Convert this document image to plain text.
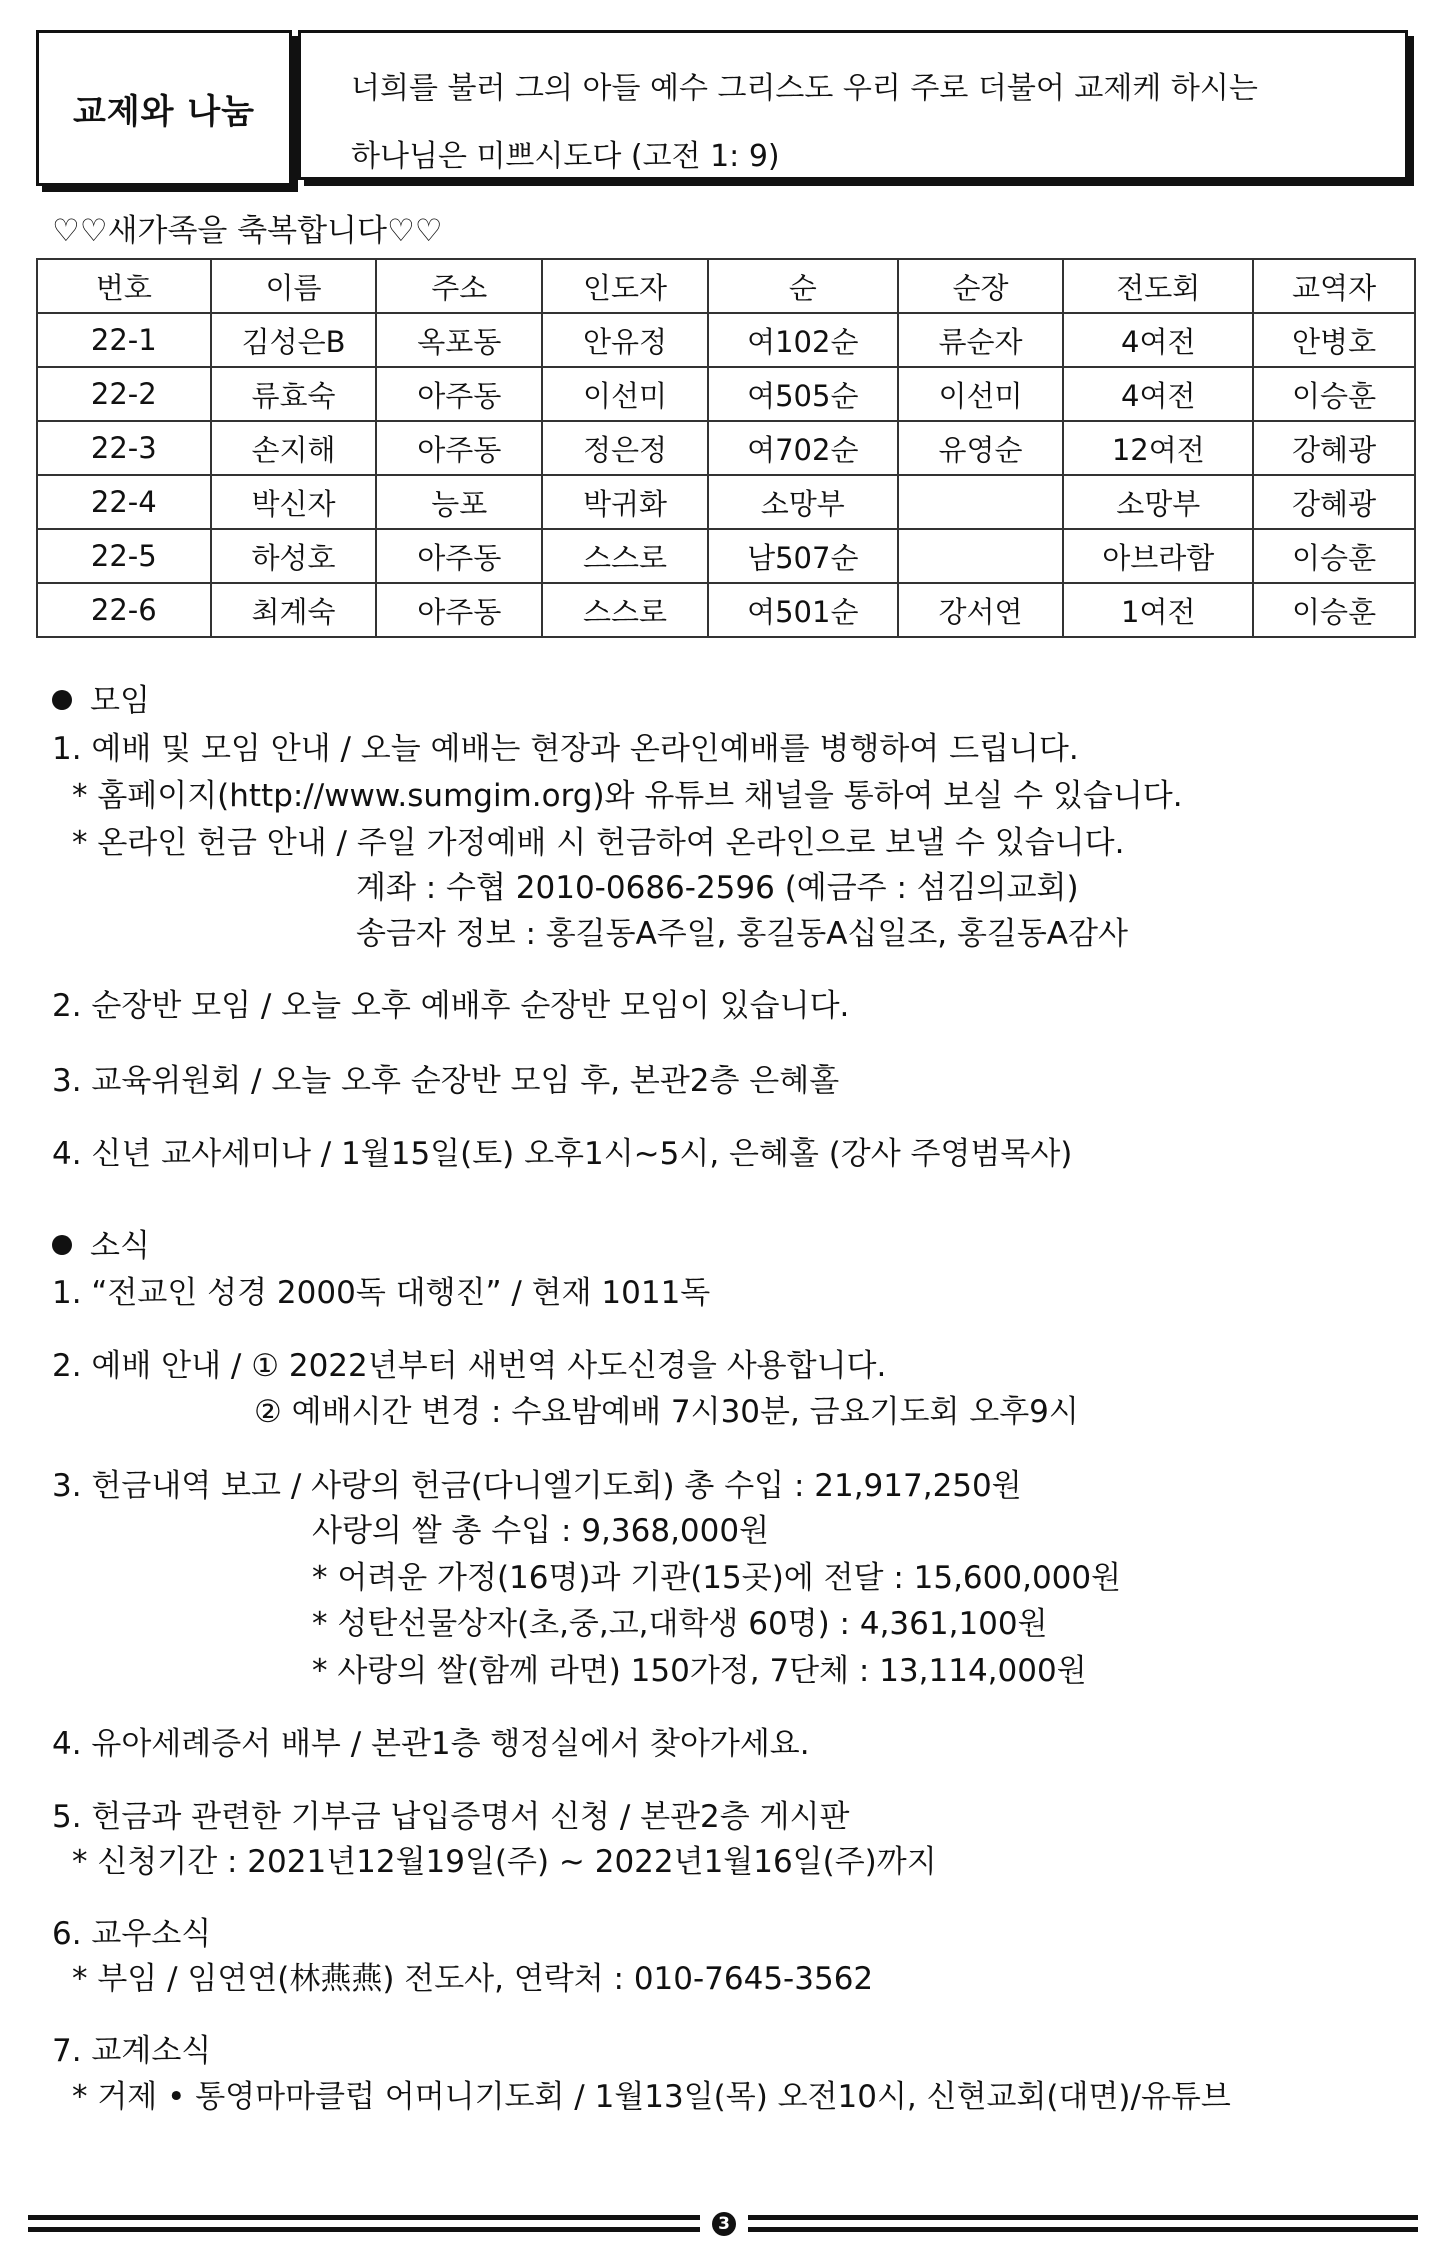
교제와 나눔
너희를 불러 그의 아들 예수 그리스도 우리 주로 더불어 교제케 하시는
하나님은 미쁘시도다 (고전 1: 9)
♡♡새가족을 축복합니다♡♡
번호	이름	주소	인도자	순	순장	전도회	교역자
22-1	김성은B	옥포동	안유정	여102순	류순자	4여전	안병호
22-2	류효숙	아주동	이선미	여505순	이선미	4여전	이승훈
22-3	손지해	아주동	정은정	여702순	유영순	12여전	강혜광
22-4	박신자	능포	박귀화	소망부		소망부	강혜광
22-5	하성호	아주동	스스로	남507순		아브라함	이승훈
22-6	최계숙	아주동	스스로	여501순	강서연	1여전	이승훈
모임
1. 예배 및 모임 안내 / 오늘 예배는 현장과 온라인예배를 병행하여 드립니다.
* 홈페이지(http://www.sumgim.org)와 유튜브 채널을 통하여 보실 수 있습니다.
* 온라인 헌금 안내 / 주일 가정예배 시 헌금하여 온라인으로 보낼 수 있습니다.
계좌 : 수협 2010-0686-2596 (예금주 : 섬김의교회)
송금자 정보 : 홍길동A주일, 홍길동A십일조, 홍길동A감사
2. 순장반 모임 / 오늘 오후 예배후 순장반 모임이 있습니다.
3. 교육위원회 / 오늘 오후 순장반 모임 후, 본관2층 은혜홀
4. 신년 교사세미나 / 1월15일(토) 오후1시~5시, 은혜홀 (강사 주영범목사)
소식
1. “전교인 성경 2000독 대행진” / 현재 1011독
2. 예배 안내 / ① 2022년부터 새번역 사도신경을 사용합니다.
② 예배시간 변경 : 수요밤예배 7시30분, 금요기도회 오후9시
3. 헌금내역 보고 / 사랑의 헌금(다니엘기도회) 총 수입 : 21,917,250원
사랑의 쌀 총 수입 : 9,368,000원
* 어려운 가정(16명)과 기관(15곳)에 전달 : 15,600,000원
* 성탄선물상자(초,중,고,대학생 60명) : 4,361,100원
* 사랑의 쌀(함께 라면) 150가정, 7단체 : 13,114,000원
4. 유아세례증서 배부 / 본관1층 행정실에서 찾아가세요.
5. 헌금과 관련한 기부금 납입증명서 신청 / 본관2층 게시판
* 신청기간 : 2021년12월19일(주) ~ 2022년1월16일(주)까지
6. 교우소식
* 부임 / 임연연(林燕燕) 전도사, 연락처 : 010-7645-3562
7. 교계소식
* 거제 • 통영마마클럽 어머니기도회 / 1월13일(목) 오전10시, 신현교회(대면)/유튜브
3
